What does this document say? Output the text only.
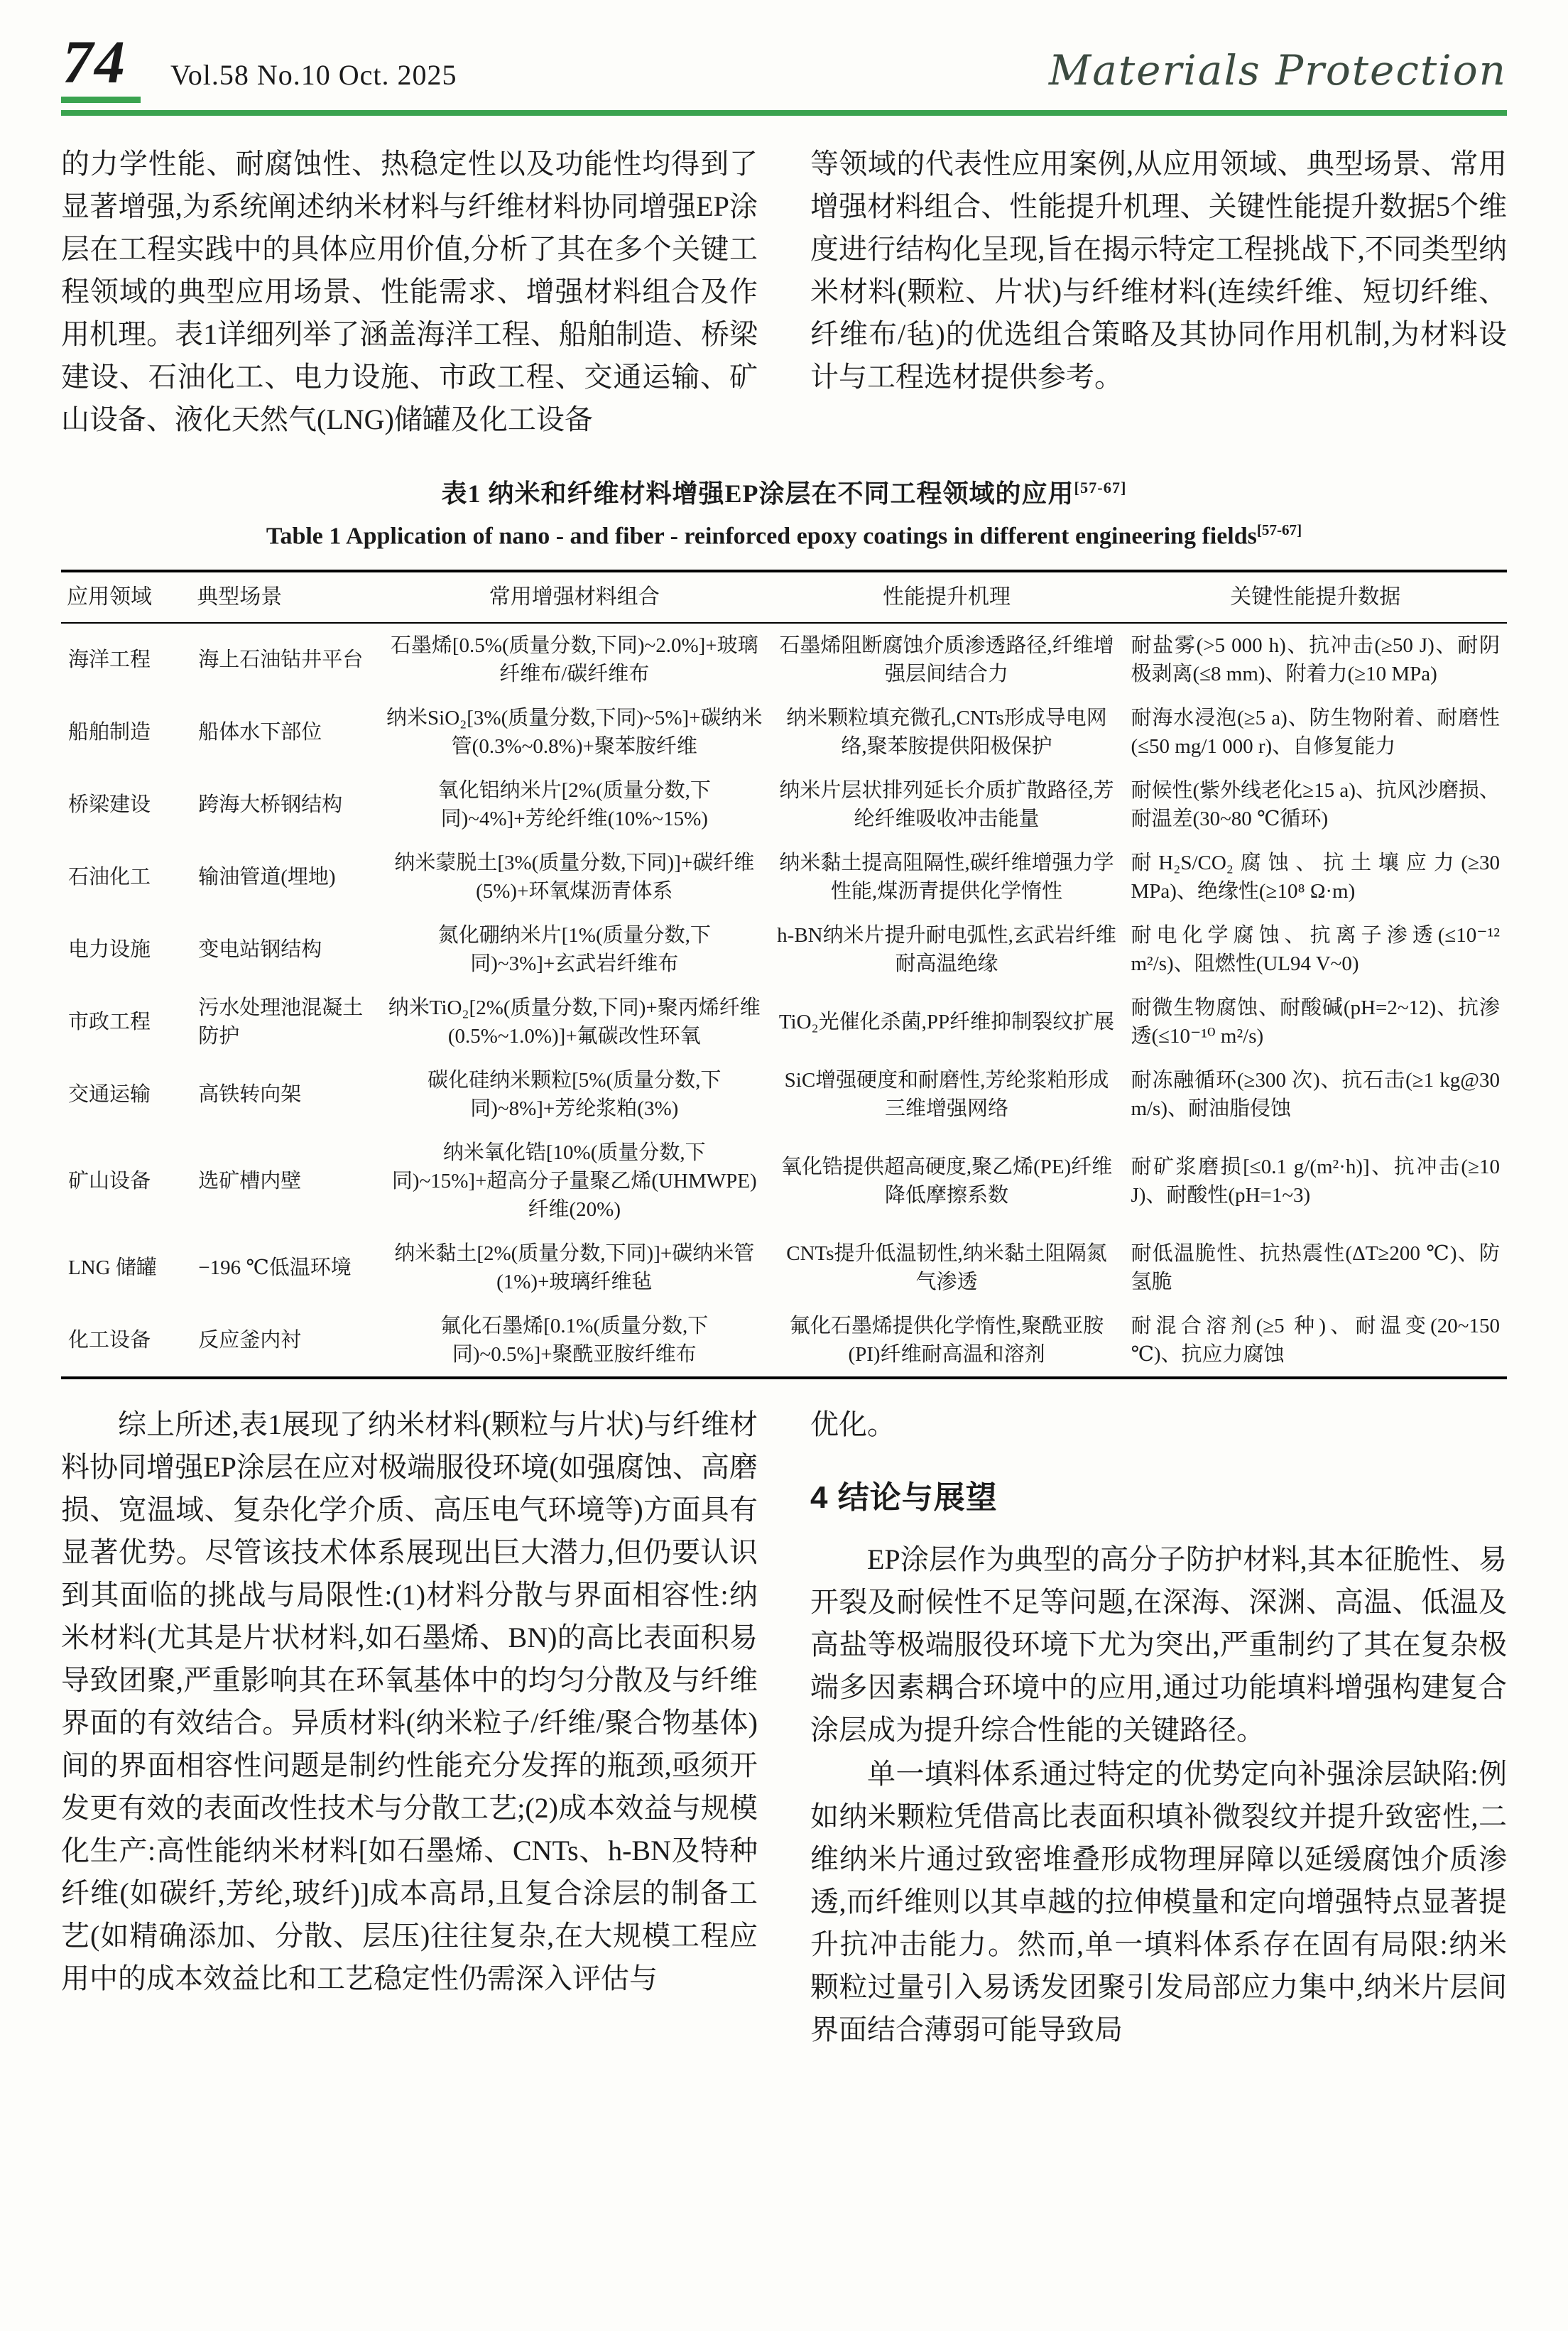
74 Vol.58 No.10 Oct. 2025	Materials Protection

的力学性能、耐腐蚀性、热稳定性以及功能性均得到了显著增强,为系统阐述纳米材料与纤维材料协同增强EP涂层在工程实践中的具体应用价值,分析了其在多个关键工程领域的典型应用场景、性能需求、增强材料组合及作用机理。表1详细列举了涵盖海洋工程、船舶制造、桥梁建设、石油化工、电力设施、市政工程、交通运输、矿山设备、液化天然气(LNG)储罐及化工设备

等领域的代表性应用案例,从应用领域、典型场景、常用增强材料组合、性能提升机理、关键性能提升数据5个维度进行结构化呈现,旨在揭示特定工程挑战下,不同类型纳米材料(颗粒、片状)与纤维材料(连续纤维、短切纤维、纤维布/毡)的优选组合策略及其协同作用机制,为材料设计与工程选材提供参考。

表1 纳米和纤维材料增强EP涂层在不同工程领域的应用[57-67]
Table 1 Application of nano - and fiber - reinforced epoxy coatings in different engineering fields[57-67]
应用领域	典型场景	常用增强材料组合	性能提升机理	关键性能提升数据
海洋工程	海上石油钻井平台	石墨烯[0.5%(质量分数,下同)~2.0%]+玻璃纤维布/碳纤维布	石墨烯阻断腐蚀介质渗透路径,纤维增强层间结合力	耐盐雾(>5 000 h)、抗冲击(≥50 J)、耐阴极剥离(≤8 mm)、附着力(≥10 MPa)
船舶制造	船体水下部位	纳米SiO₂[3%(质量分数,下同)~5%]+碳纳米管(0.3%~0.8%)+聚苯胺纤维	纳米颗粒填充微孔,CNTs形成导电网络,聚苯胺提供阳极保护	耐海水浸泡(≥5 a)、防生物附着、耐磨性(≤50 mg/1 000 r)、自修复能力
桥梁建设	跨海大桥钢结构	氧化铝纳米片[2%(质量分数,下同)~4%]+芳纶纤维(10%~15%)	纳米片层状排列延长介质扩散路径,芳纶纤维吸收冲击能量	耐候性(紫外线老化≥15 a)、抗风沙磨损、耐温差(30~80 ℃循环)
石油化工	输油管道(埋地)	纳米蒙脱土[3%(质量分数,下同)]+碳纤维(5%)+环氧煤沥青体系	纳米黏土提高阻隔性,碳纤维增强力学性能,煤沥青提供化学惰性	耐H₂S/CO₂腐蚀、抗土壤应力(≥30 MPa)、绝缘性(≥10⁸ Ω·m)
电力设施	变电站钢结构	氮化硼纳米片[1%(质量分数,下同)~3%]+玄武岩纤维布	h-BN纳米片提升耐电弧性,玄武岩纤维耐高温绝缘	耐电化学腐蚀、抗离子渗透(≤10⁻¹² m²/s)、阻燃性(UL94 V~0)
市政工程	污水处理池混凝土防护	纳米TiO₂[2%(质量分数,下同)+聚丙烯纤维(0.5%~1.0%)]+氟碳改性环氧	TiO₂光催化杀菌,PP纤维抑制裂纹扩展	耐微生物腐蚀、耐酸碱(pH=2~12)、抗渗透(≤10⁻¹⁰ m²/s)
交通运输	高铁转向架	碳化硅纳米颗粒[5%(质量分数,下同)~8%]+芳纶浆粕(3%)	SiC增强硬度和耐磨性,芳纶浆粕形成三维增强网络	耐冻融循环(≥300 次)、抗石击(≥1 kg@30 m/s)、耐油脂侵蚀
矿山设备	选矿槽内壁	纳米氧化锆[10%(质量分数,下同)~15%]+超高分子量聚乙烯(UHMWPE)纤维(20%)	氧化锆提供超高硬度,聚乙烯(PE)纤维降低摩擦系数	耐矿浆磨损[≤0.1 g/(m²·h)]、抗冲击(≥10 J)、耐酸性(pH=1~3)
LNG 储罐	−196 ℃低温环境	纳米黏土[2%(质量分数,下同)]+碳纳米管(1%)+玻璃纤维毡	CNTs提升低温韧性,纳米黏土阻隔氮气渗透	耐低温脆性、抗热震性(ΔT≥200 ℃)、防氢脆
化工设备	反应釜内衬	氟化石墨烯[0.1%(质量分数,下同)~0.5%]+聚酰亚胺纤维布	氟化石墨烯提供化学惰性,聚酰亚胺(PI)纤维耐高温和溶剂	耐混合溶剂(≥5 种)、耐温变(20~150 ℃)、抗应力腐蚀

综上所述,表1展现了纳米材料(颗粒与片状)与纤维材料协同增强EP涂层在应对极端服役环境(如强腐蚀、高磨损、宽温域、复杂化学介质、高压电气环境等)方面具有显著优势。尽管该技术体系展现出巨大潜力,但仍要认识到其面临的挑战与局限性:(1)材料分散与界面相容性:纳米材料(尤其是片状材料,如石墨烯、BN)的高比表面积易导致团聚,严重影响其在环氧基体中的均匀分散及与纤维界面的有效结合。异质材料(纳米粒子/纤维/聚合物基体)间的界面相容性问题是制约性能充分发挥的瓶颈,亟须开发更有效的表面改性技术与分散工艺;(2)成本效益与规模化生产:高性能纳米材料[如石墨烯、CNTs、h-BN及特种纤维(如碳纤,芳纶,玻纤)]成本高昂,且复合涂层的制备工艺(如精确添加、分散、层压)往往复杂,在大规模工程应用中的成本效益比和工艺稳定性仍需深入评估与

优化。

4 结论与展望

EP涂层作为典型的高分子防护材料,其本征脆性、易开裂及耐候性不足等问题,在深海、深渊、高温、低温及高盐等极端服役环境下尤为突出,严重制约了其在复杂极端多因素耦合环境中的应用,通过功能填料增强构建复合涂层成为提升综合性能的关键路径。

单一填料体系通过特定的优势定向补强涂层缺陷:例如纳米颗粒凭借高比表面积填补微裂纹并提升致密性,二维纳米片通过致密堆叠形成物理屏障以延缓腐蚀介质渗透,而纤维则以其卓越的拉伸模量和定向增强特点显著提升抗冲击能力。然而,单一填料体系存在固有局限:纳米颗粒过量引入易诱发团聚引发局部应力集中,纳米片层间界面结合薄弱可能导致局
